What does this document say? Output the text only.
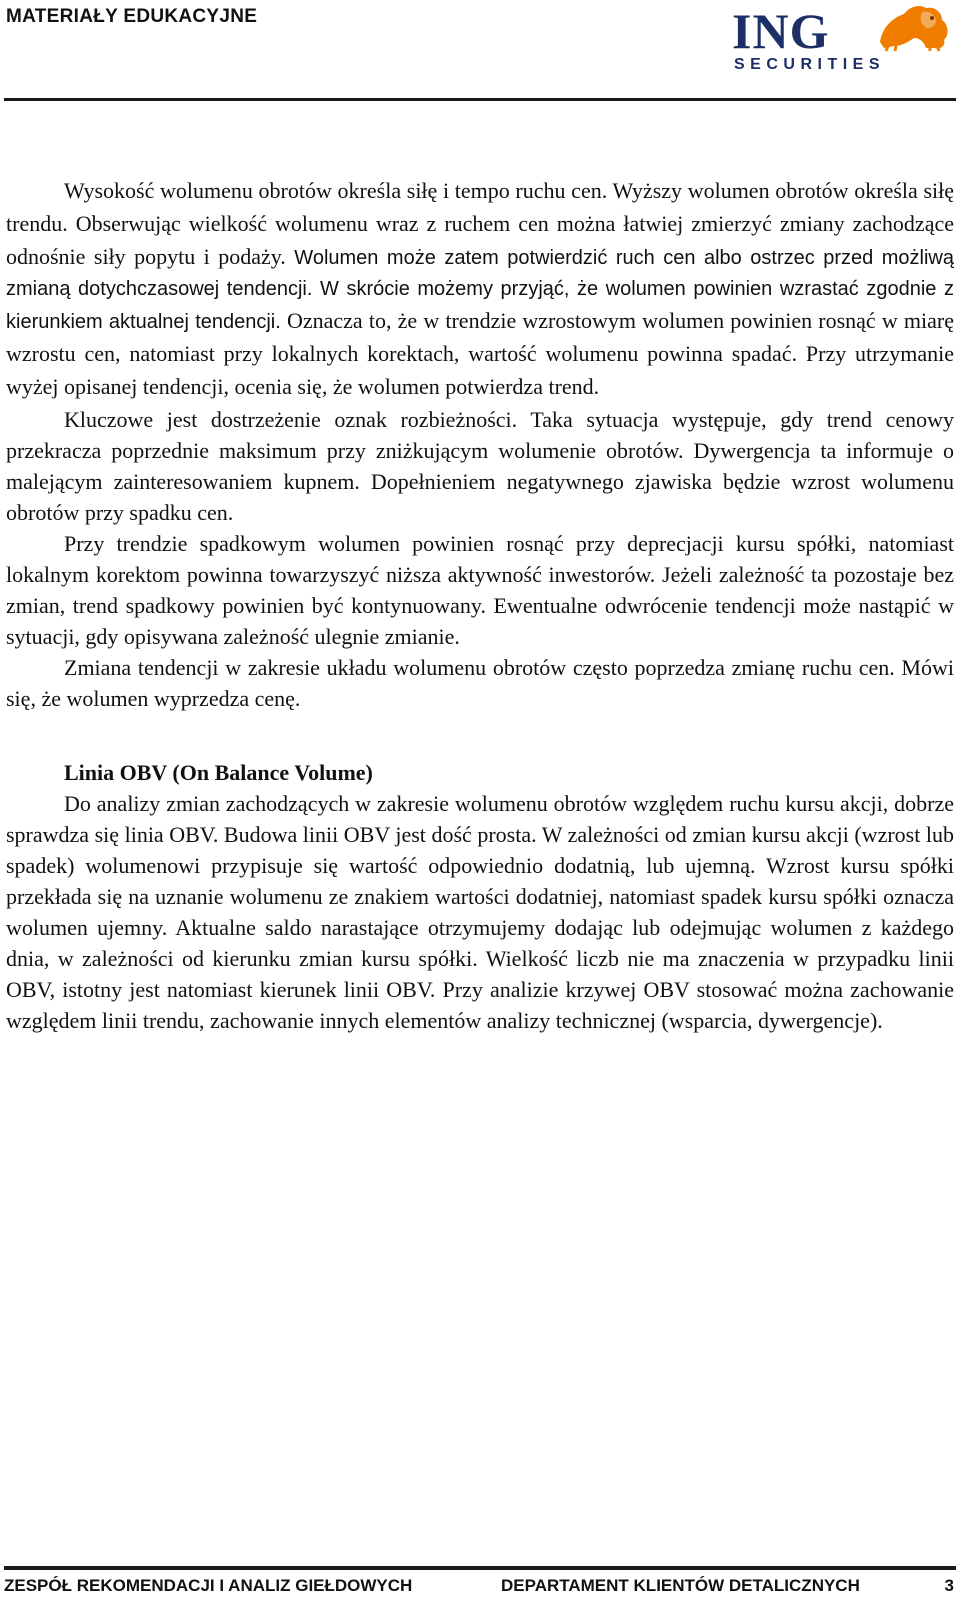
MATERIAŁY EDUKACYJNE	ING
SECURITIES

Wysokość wolumenu obrotów określa siłę i tempo ruchu cen. Wyższy wolumen obrotów określa siłę trendu. Obserwując wielkość wolumenu wraz z ruchem cen można łatwiej zmierzyć zmiany zachodzące odnośnie siły popytu i podaży. Wolumen może zatem potwierdzić ruch cen albo ostrzec przed możliwą zmianą dotychczasowej tendencji. W skrócie możemy przyjąć, że wolumen powinien wzrastać zgodnie z kierunkiem aktualnej tendencji. Oznacza to, że w trendzie wzrostowym wolumen powinien rosnąć w miarę wzrostu cen, natomiast przy lokalnych korektach, wartość wolumenu powinna spadać. Przy utrzymanie wyżej opisanej tendencji, ocenia się, że wolumen potwierdza trend.

Kluczowe jest dostrzeżenie oznak rozbieżności. Taka sytuacja występuje, gdy trend cenowy przekracza poprzednie maksimum przy zniżkującym wolumenie obrotów. Dywergencja ta informuje o malejącym zainteresowaniem kupnem. Dopełnieniem negatywnego zjawiska będzie wzrost wolumenu obrotów przy spadku cen.

Przy trendzie spadkowym wolumen powinien rosnąć przy deprecjacji kursu spółki, natomiast lokalnym korektom powinna towarzyszyć niższa aktywność inwestorów. Jeżeli zależność ta pozostaje bez zmian, trend spadkowy powinien być kontynuowany. Ewentualne odwrócenie tendencji może nastąpić w sytuacji, gdy opisywana zależność ulegnie zmianie.

Zmiana tendencji w zakresie układu wolumenu obrotów często poprzedza zmianę ruchu cen. Mówi się, że wolumen wyprzedza cenę.

Linia OBV (On Balance Volume)

Do analizy zmian zachodzących w zakresie wolumenu obrotów względem ruchu kursu akcji, dobrze sprawdza się linia OBV. Budowa linii OBV jest dość prosta. W zależności od zmian kursu akcji (wzrost lub spadek) wolumenowi przypisuje się wartość odpowiednio dodatnią, lub ujemną. Wzrost kursu spółki przekłada się na uznanie wolumenu ze znakiem wartości dodatniej, natomiast spadek kursu spółki oznacza wolumen ujemny. Aktualne saldo narastające otrzymujemy dodając lub odejmując wolumen z każdego dnia, w zależności od kierunku zmian kursu spółki. Wielkość liczb nie ma znaczenia w przypadku linii OBV, istotny jest natomiast kierunek linii OBV. Przy analizie krzywej OBV stosować można zachowanie względem linii trendu, zachowanie innych elementów analizy technicznej (wsparcia, dywergencje).

ZESPÓŁ REKOMENDACJI I ANALIZ GIEŁDOWYCH	DEPARTAMENT KLIENTÓW DETALICZNYCH	3
